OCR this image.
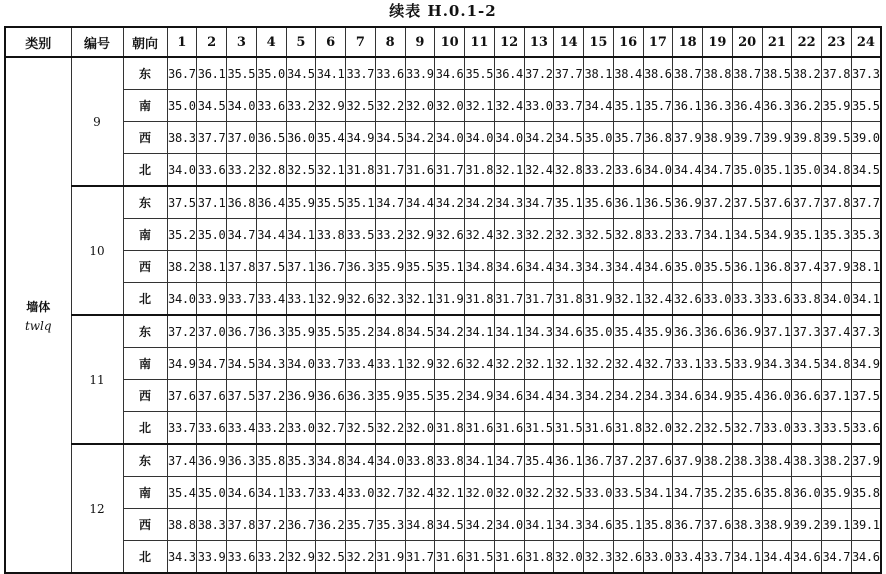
续表 H.0.1-2
类别	编号	朝向	1	2	3	4	5	6	7	8	9	10	11	12	13	14	15	16	17	18	19	20	21	22	23	24
墙体
twlq	9	东	36.7	36.1	35.5	35.0	34.5	34.1	33.7	33.6	33.9	34.6	35.5	36.4	37.2	37.7	38.1	38.4	38.6	38.7	38.8	38.7	38.5	38.2	37.8	37.3
		南	35.0	34.5	34.0	33.6	33.2	32.9	32.5	32.2	32.0	32.0	32.1	32.4	33.0	33.7	34.4	35.1	35.7	36.1	36.3	36.4	36.3	36.2	35.9	35.5
		西	38.3	37.7	37.0	36.5	36.0	35.4	34.9	34.5	34.2	34.0	34.0	34.0	34.2	34.5	35.0	35.7	36.8	37.9	38.9	39.7	39.9	39.8	39.5	39.0
		北	34.0	33.6	33.2	32.8	32.5	32.1	31.8	31.7	31.6	31.7	31.8	32.1	32.4	32.8	33.2	33.6	34.0	34.4	34.7	35.0	35.1	35.0	34.8	34.5
	10	东	37.5	37.1	36.8	36.4	35.9	35.5	35.1	34.7	34.4	34.2	34.2	34.3	34.7	35.1	35.6	36.1	36.5	36.9	37.2	37.5	37.6	37.7	37.8	37.7
		南	35.2	35.0	34.7	34.4	34.1	33.8	33.5	33.2	32.9	32.6	32.4	32.3	32.2	32.3	32.5	32.8	33.2	33.7	34.1	34.5	34.9	35.1	35.3	35.3
		西	38.2	38.1	37.8	37.5	37.1	36.7	36.3	35.9	35.5	35.1	34.8	34.6	34.4	34.3	34.3	34.4	34.6	35.0	35.5	36.1	36.8	37.4	37.9	38.1
		北	34.0	33.9	33.7	33.4	33.1	32.9	32.6	32.3	32.1	31.9	31.8	31.7	31.7	31.8	31.9	32.1	32.4	32.6	33.0	33.3	33.6	33.8	34.0	34.1
	11	东	37.2	37.0	36.7	36.3	35.9	35.5	35.2	34.8	34.5	34.2	34.1	34.1	34.3	34.6	35.0	35.4	35.9	36.3	36.6	36.9	37.1	37.3	37.4	37.3
		南	34.9	34.7	34.5	34.3	34.0	33.7	33.4	33.1	32.9	32.6	32.4	32.2	32.1	32.1	32.2	32.4	32.7	33.1	33.5	33.9	34.3	34.5	34.8	34.9
		西	37.6	37.6	37.5	37.2	36.9	36.6	36.3	35.9	35.5	35.2	34.9	34.6	34.4	34.3	34.2	34.2	34.3	34.6	34.9	35.4	36.0	36.6	37.1	37.5
		北	33.7	33.6	33.4	33.2	33.0	32.7	32.5	32.2	32.0	31.8	31.6	31.6	31.5	31.5	31.6	31.8	32.0	32.2	32.5	32.7	33.0	33.3	33.5	33.6
	12	东	37.4	36.9	36.3	35.8	35.3	34.8	34.4	34.0	33.8	33.8	34.1	34.7	35.4	36.1	36.7	37.2	37.6	37.9	38.2	38.3	38.4	38.3	38.2	37.9
		南	35.4	35.0	34.6	34.1	33.7	33.4	33.0	32.7	32.4	32.1	32.0	32.0	32.2	32.5	33.0	33.5	34.1	34.7	35.2	35.6	35.8	36.0	35.9	35.8
		西	38.8	38.3	37.8	37.2	36.7	36.2	35.7	35.3	34.8	34.5	34.2	34.0	34.1	34.3	34.6	35.1	35.8	36.7	37.6	38.3	38.9	39.2	39.1	39.1
		北	34.3	33.9	33.6	33.2	32.9	32.5	32.2	31.9	31.7	31.6	31.5	31.6	31.8	32.0	32.3	32.6	33.0	33.4	33.7	34.1	34.4	34.6	34.7	34.6
